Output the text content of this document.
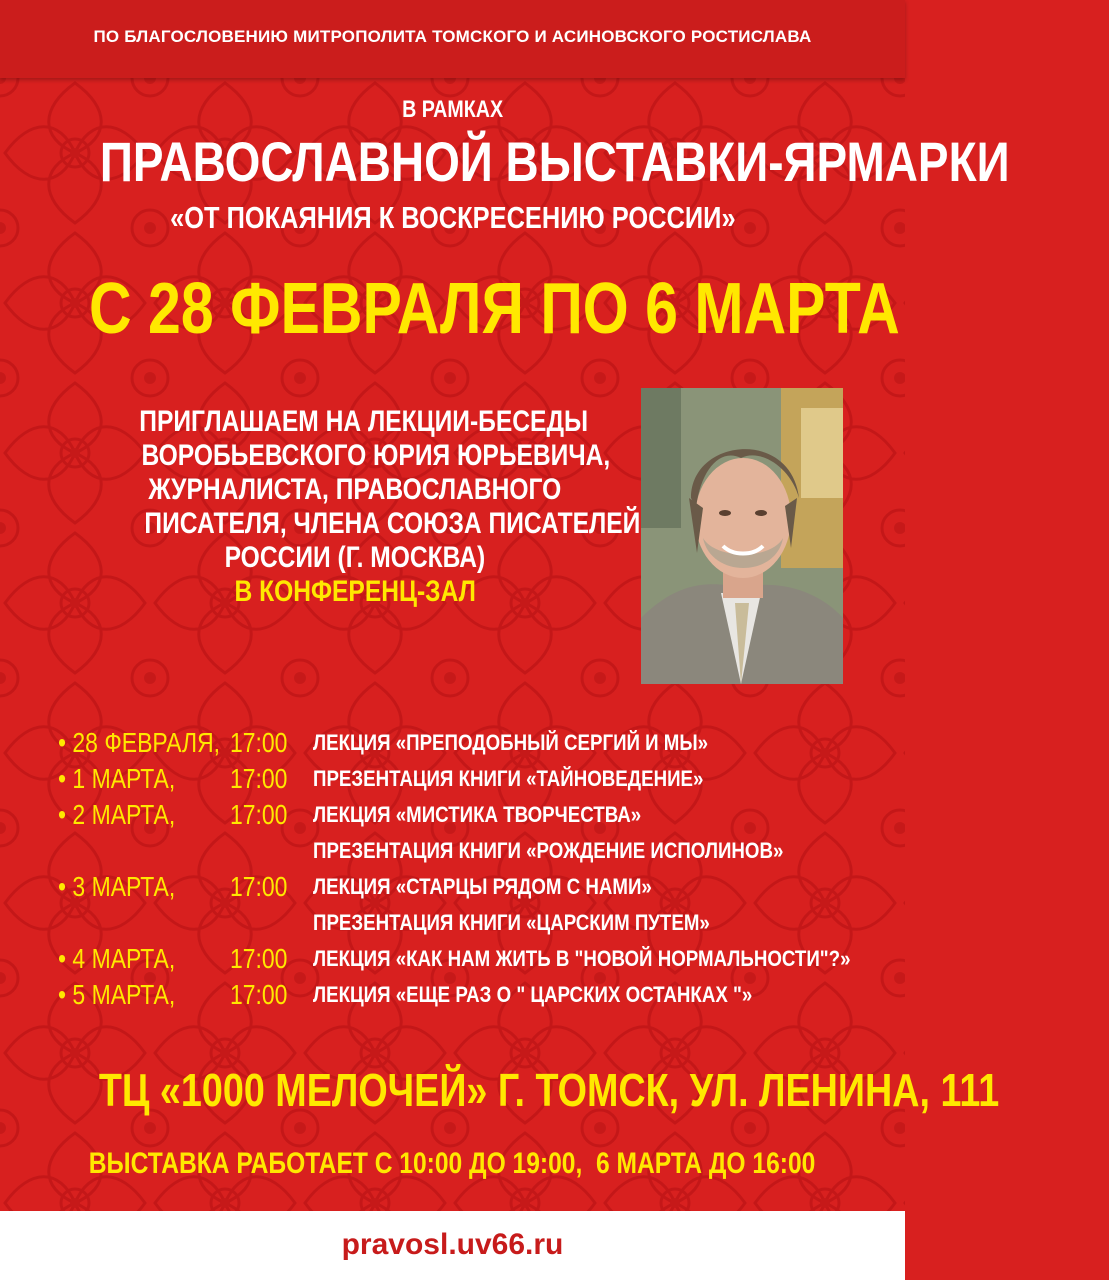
ПО БЛАГОСЛОВЕНИЮ МИТРОПОЛИТА ТОМСКОГО И АСИНОВСКОГО РОСТИСЛАВА
В РАМКАХ
ПРАВОСЛАВНОЙ ВЫСТАВКИ-ЯРМАРКИ
«ОТ ПОКАЯНИЯ К ВОСКРЕСЕНИЮ РОССИИ»
С 28 ФЕВРАЛЯ ПО 6 МАРТА
ПРИГЛАШАЕМ НА ЛЕКЦИИ-БЕСЕДЫ
ВОРОБЬЕВСКОГО ЮРИЯ ЮРЬЕВИЧА,
ЖУРНАЛИСТА, ПРАВОСЛАВНОГО
ПИСАТЕЛЯ, ЧЛЕНА СОЮЗА ПИСАТЕЛЕЙ
РОССИИ (Г. МОСКВА)
В КОНФЕРЕНЦ-ЗАЛ
• 28 ФЕВРАЛЯ, 17:00 ЛЕКЦИЯ «ПРЕПОДОБНЫЙ СЕРГИЙ И МЫ»
• 1 МАРТА, 17:00 ПРЕЗЕНТАЦИЯ КНИГИ «ТАЙНОВЕДЕНИЕ»
• 2 МАРТА, 17:00 ЛЕКЦИЯ «МИСТИКА ТВОРЧЕСТВА»
ПРЕЗЕНТАЦИЯ КНИГИ «РОЖДЕНИЕ ИСПОЛИНОВ»
• 3 МАРТА, 17:00 ЛЕКЦИЯ «СТАРЦЫ РЯДОМ С НАМИ»
ПРЕЗЕНТАЦИЯ КНИГИ «ЦАРСКИМ ПУТЕМ»
• 4 МАРТА, 17:00 ЛЕКЦИЯ «КАК НАМ ЖИТЬ В "НОВОЙ НОРМАЛЬНОСТИ"?»
• 5 МАРТА, 17:00 ЛЕКЦИЯ «ЕЩЕ РАЗ О " ЦАРСКИХ ОСТАНКАХ "»
ТЦ «1000 МЕЛОЧЕЙ» Г. ТОМСК, УЛ. ЛЕНИНА, 111
ВЫСТАВКА РАБОТАЕТ С 10:00 ДО 19:00,  6 МАРТА ДО 16:00
pravosl.uv66.ru
